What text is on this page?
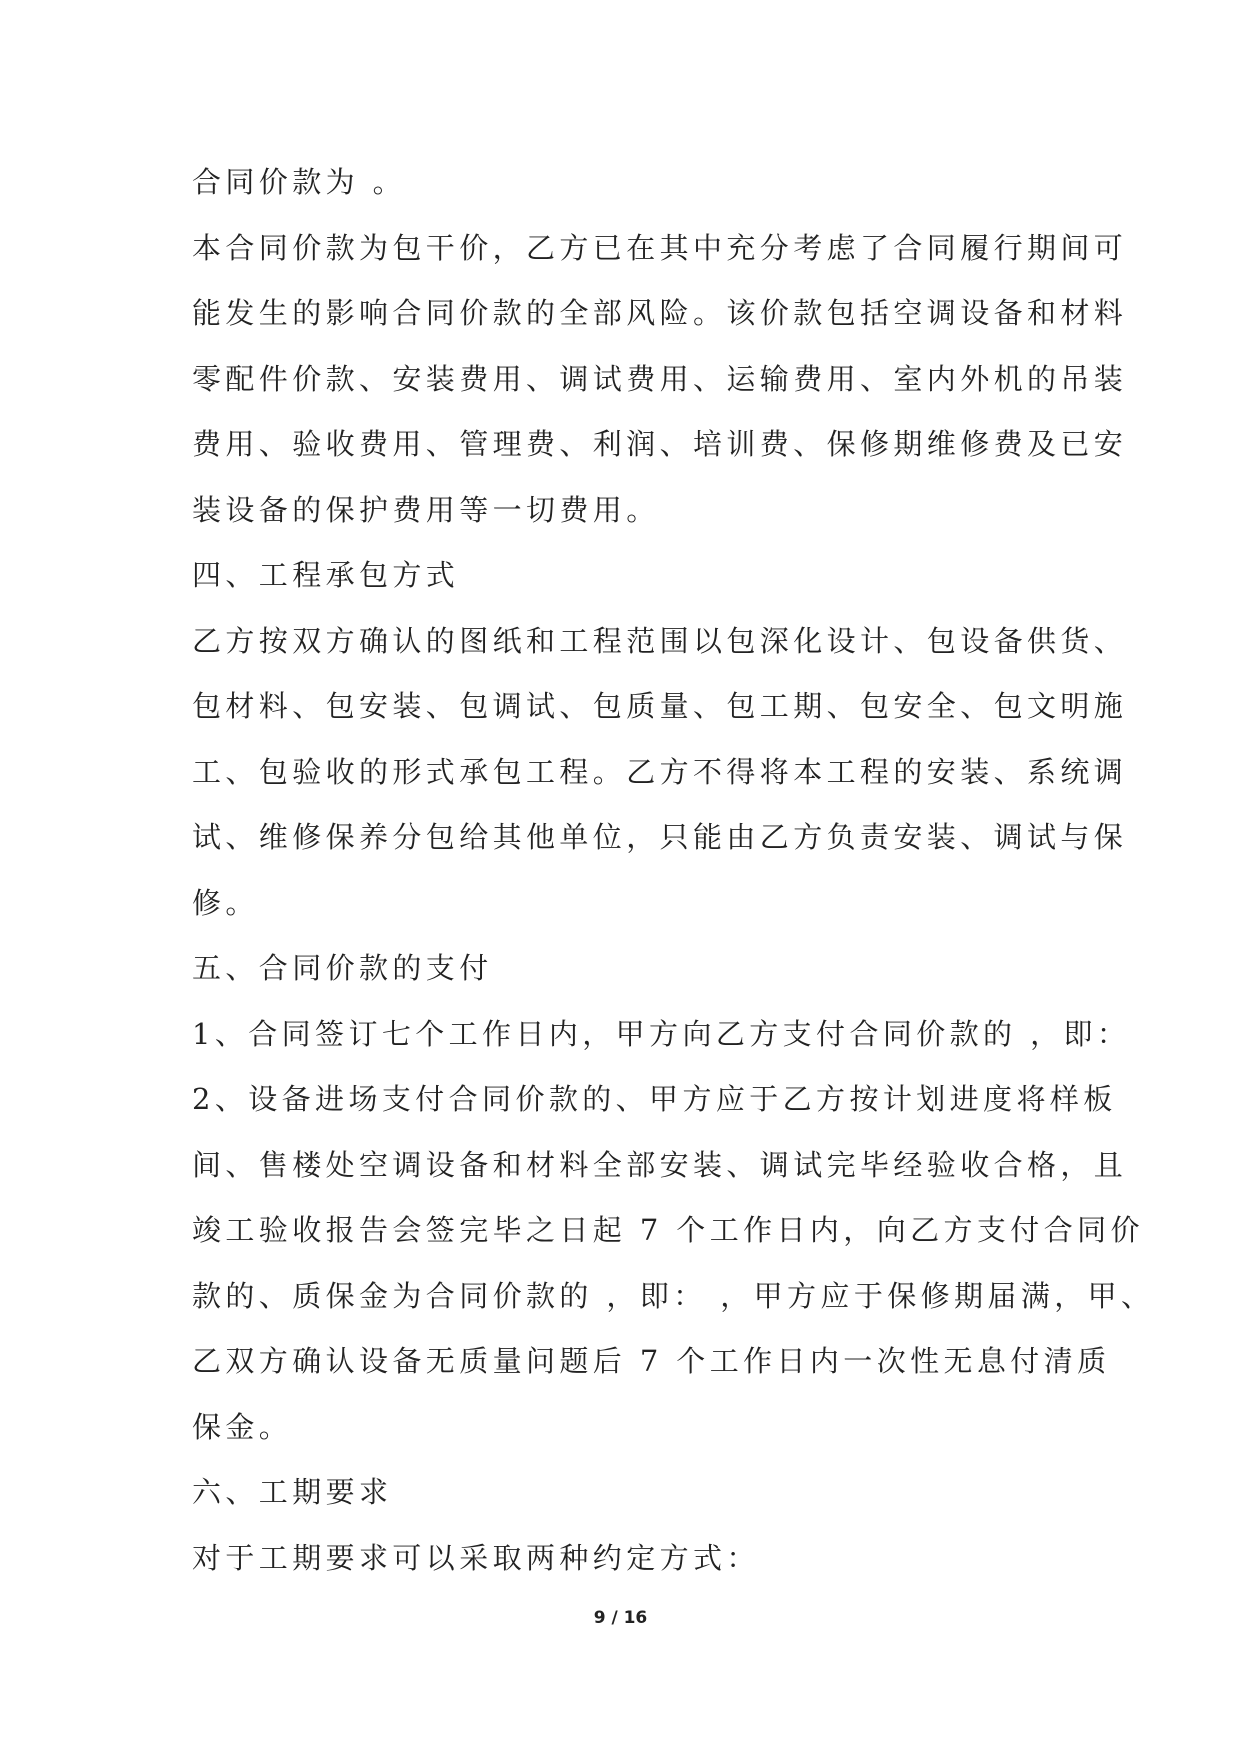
合同价款为 。
本合同价款为包干价，乙方已在其中充分考虑了合同履行期间可
能发生的影响合同价款的全部风险。该价款包括空调设备和材料
零配件价款、安装费用、调试费用、运输费用、室内外机的吊装
费用、验收费用、管理费、利润、培训费、保修期维修费及已安
装设备的保护费用等一切费用。
四、工程承包方式
乙方按双方确认的图纸和工程范围以包深化设计、包设备供货、
包材料、包安装、包调试、包质量、包工期、包安全、包文明施
工、包验收的形式承包工程。乙方不得将本工程的安装、系统调
试、维修保养分包给其他单位，只能由乙方负责安装、调试与保
修。
五、合同价款的支付
1、合同签订七个工作日内，甲方向乙方支付合同价款的 ，即：
2、设备进场支付合同价款的、甲方应于乙方按计划进度将样板
间、售楼处空调设备和材料全部安装、调试完毕经验收合格，且
竣工验收报告会签完毕之日起 7 个工作日内，向乙方支付合同价
款的、质保金为合同价款的 ，即： ，甲方应于保修期届满，甲、
乙双方确认设备无质量问题后 7 个工作日内一次性无息付清质
保金。
六、工期要求
对于工期要求可以采取两种约定方式：
9 / 16
